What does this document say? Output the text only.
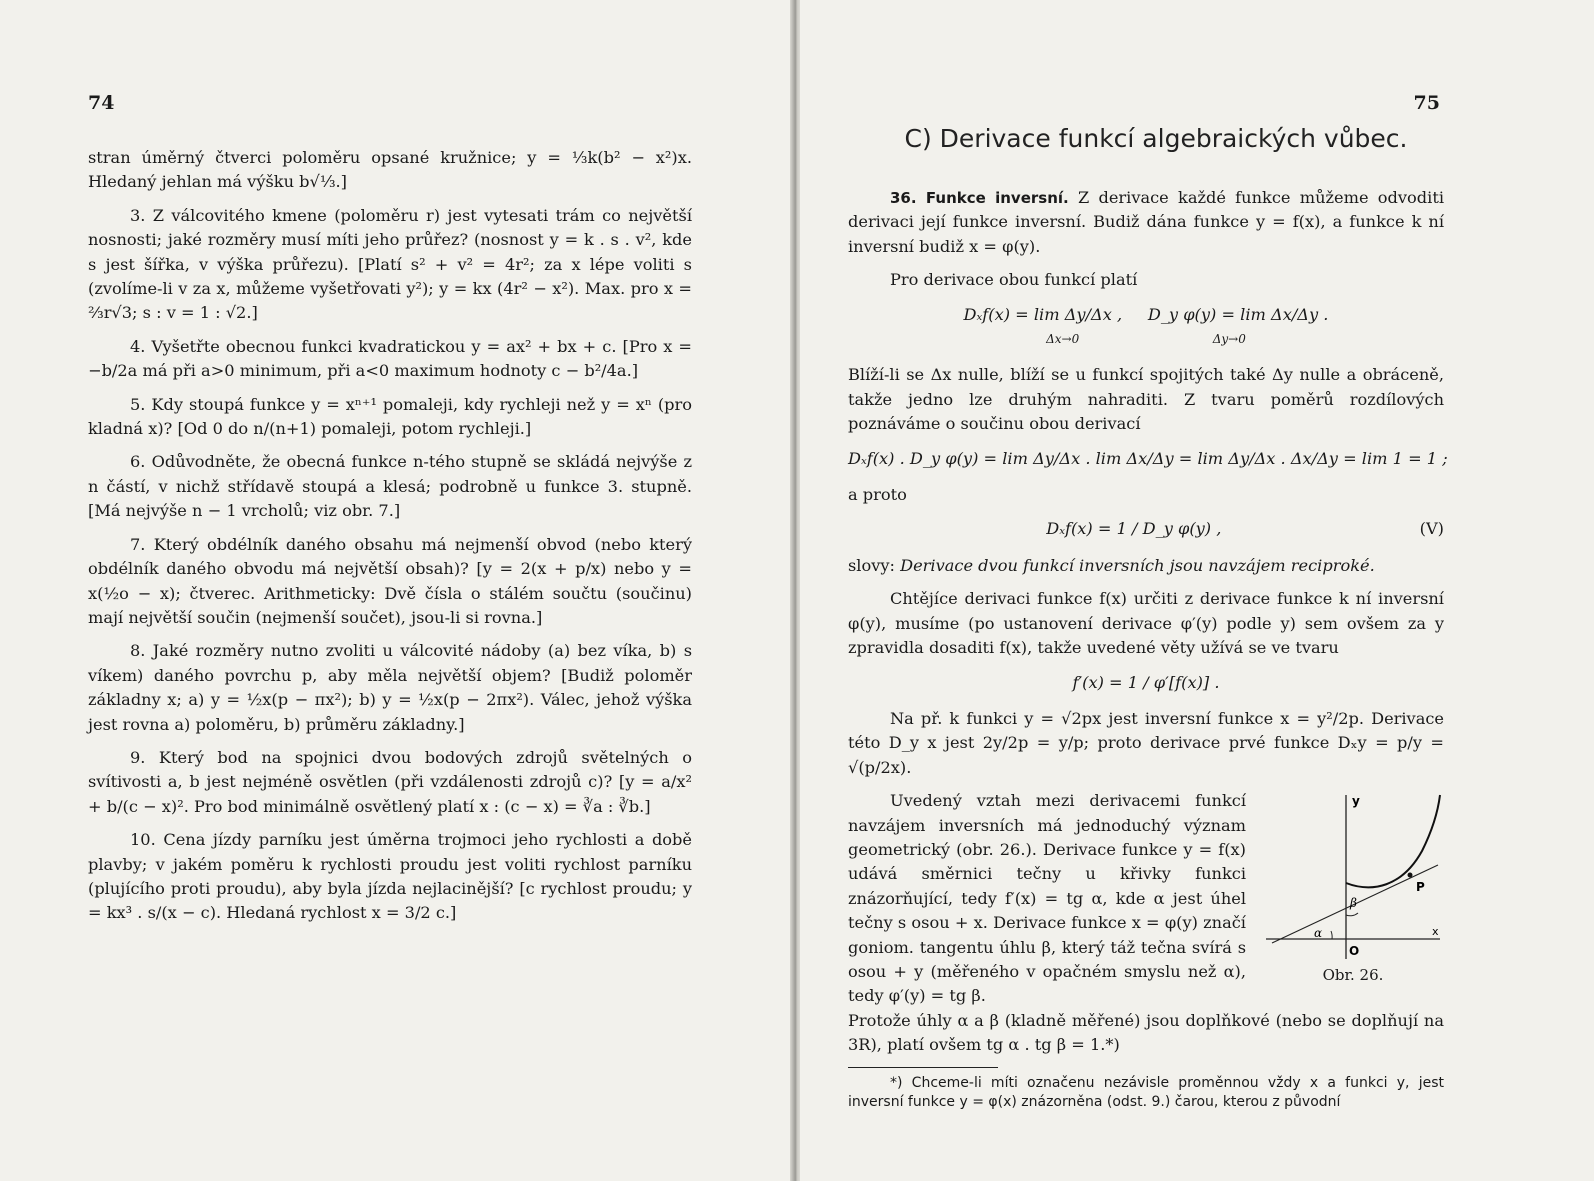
74

stran úměrný čtverci poloměru opsané kružnice; y = ⅓k(b² − x²)x. Hledaný jehlan má výšku b√⅓.]

3. Z válcovitého kmene (poloměru r) jest vytesati trám co největší nosnosti; jaké rozměry musí míti jeho průřez? (nosnost y = k . s . v², kde s jest šířka, v výška průřezu). [Platí s² + v² = 4r²; za x lépe voliti s (zvolíme-li v za x, můžeme vyšetřovati y²); y = kx (4r² − x²). Max. pro x = ⅔r√3; s : v = 1 : √2.]

4. Vyšetřte obecnou funkci kvadratickou y = ax² + bx + c. [Pro x = −b/2a má při a>0 minimum, při a<0 maximum hodnoty c − b²/4a.]

5. Kdy stoupá funkce y = xⁿ⁺¹ pomaleji, kdy rychleji než y = xⁿ (pro kladná x)? [Od 0 do n/(n+1) pomaleji, potom rychleji.]

6. Odůvodněte, že obecná funkce n-tého stupně se skládá nejvýše z n částí, v nichž střídavě stoupá a klesá; podrobně u funkce 3. stupně. [Má nejvýše n − 1 vrcholů; viz obr. 7.]

7. Který obdélník daného obsahu má nejmenší obvod (nebo který obdélník daného obvodu má největší obsah)? [y = 2(x + p/x) nebo y = x(½o − x); čtverec. Arithmeticky: Dvě čísla o stálém součtu (součinu) mají největší součin (nejmenší součet), jsou-li si rovna.]

8. Jaké rozměry nutno zvoliti u válcovité nádoby (a) bez víka, b) s víkem) daného povrchu p, aby měla největší objem? [Budiž poloměr základny x; a) y = ½x(p − πx²); b) y = ½x(p − 2πx²). Válec, jehož výška jest rovna a) poloměru, b) průměru základny.]

9. Který bod na spojnici dvou bodových zdrojů světelných o svítivosti a, b jest nejméně osvětlen (při vzdálenosti zdrojů c)? [y = a/x² + b/(c − x)². Pro bod minimálně osvětlený platí x : (c − x) = ∛a : ∛b.]

10. Cena jízdy parníku jest úměrna trojmoci jeho rychlosti a době plavby; v jakém poměru k rychlosti proudu jest voliti rychlost parníku (plujícího proti proudu), aby byla jízda nejlacinější? [c rychlost proudu; y = kx³ . s/(x − c). Hledaná rychlost x = 3/2 c.]

75
C) Derivace funkcí algebraických vůbec.

36. Funkce inversní. Z derivace každé funkce můžeme odvoditi derivaci její funkce inversní. Budiž dána funkce y = f(x), a funkce k ní inversní budiž x = φ(y).

Pro derivace obou funkcí platí

Dₓf(x) = lim Δy/Δx ,     D_y φ(y) = lim Δx/Δy .
Δx→0                                   Δy→0

Blíží-li se Δx nulle, blíží se u funkcí spojitých také Δy nulle a obráceně, takže jedno lze druhým nahraditi. Z tvaru poměrů rozdílových poznáváme o součinu obou derivací

Dₓf(x) . D_y φ(y) = lim Δy/Δx . lim Δx/Δy = lim Δy/Δx . Δx/Δy = lim 1 = 1 ;

a proto

Dₓf(x) = 1 / D_y φ(y) ,	(V)

slovy: Derivace dvou funkcí inversních jsou navzájem reciproké.

Chtějíce derivaci funkce f(x) určiti z derivace funkce k ní inversní φ(y), musíme (po ustanovení derivace φ′(y) podle y) sem ovšem za y zpravidla dosaditi f(x), takže uvedené věty užívá se ve tvaru

f′(x) = 1 / φ′[f(x)] .

Na př. k funkci y = √2px jest inversní funkce x = y²/2p. Derivace této D_y x jest 2y/2p = y/p; proto derivace prvé funkce Dₓy = p/y = √(p/2x).

Uvedený vztah mezi derivacemi funkcí navzájem inversních má jednoduchý význam geometrický (obr. 26.). Derivace funkce y = f(x) udává směrnici tečny u křivky funkci znázorňující, tedy f′(x) = tg α, kde α jest úhel tečny s osou + x. Derivace funkce x = φ(y) značí goniom. tangentu úhlu β, který táž tečna svírá s osou + y (měřeného v opačném smyslu než α), tedy φ′(y) = tg β.
y
x
O
P
α
β
Obr. 26.

Protože úhly α a β (kladně měřené) jsou doplňkové (nebo se doplňují na 3R), platí ovšem tg α . tg β = 1.*)

*) Chceme-li míti označenu nezávisle proměnnou vždy x a funkci y, jest inversní funkce y = φ(x) znázorněna (odst. 9.) čarou, kterou z původní
